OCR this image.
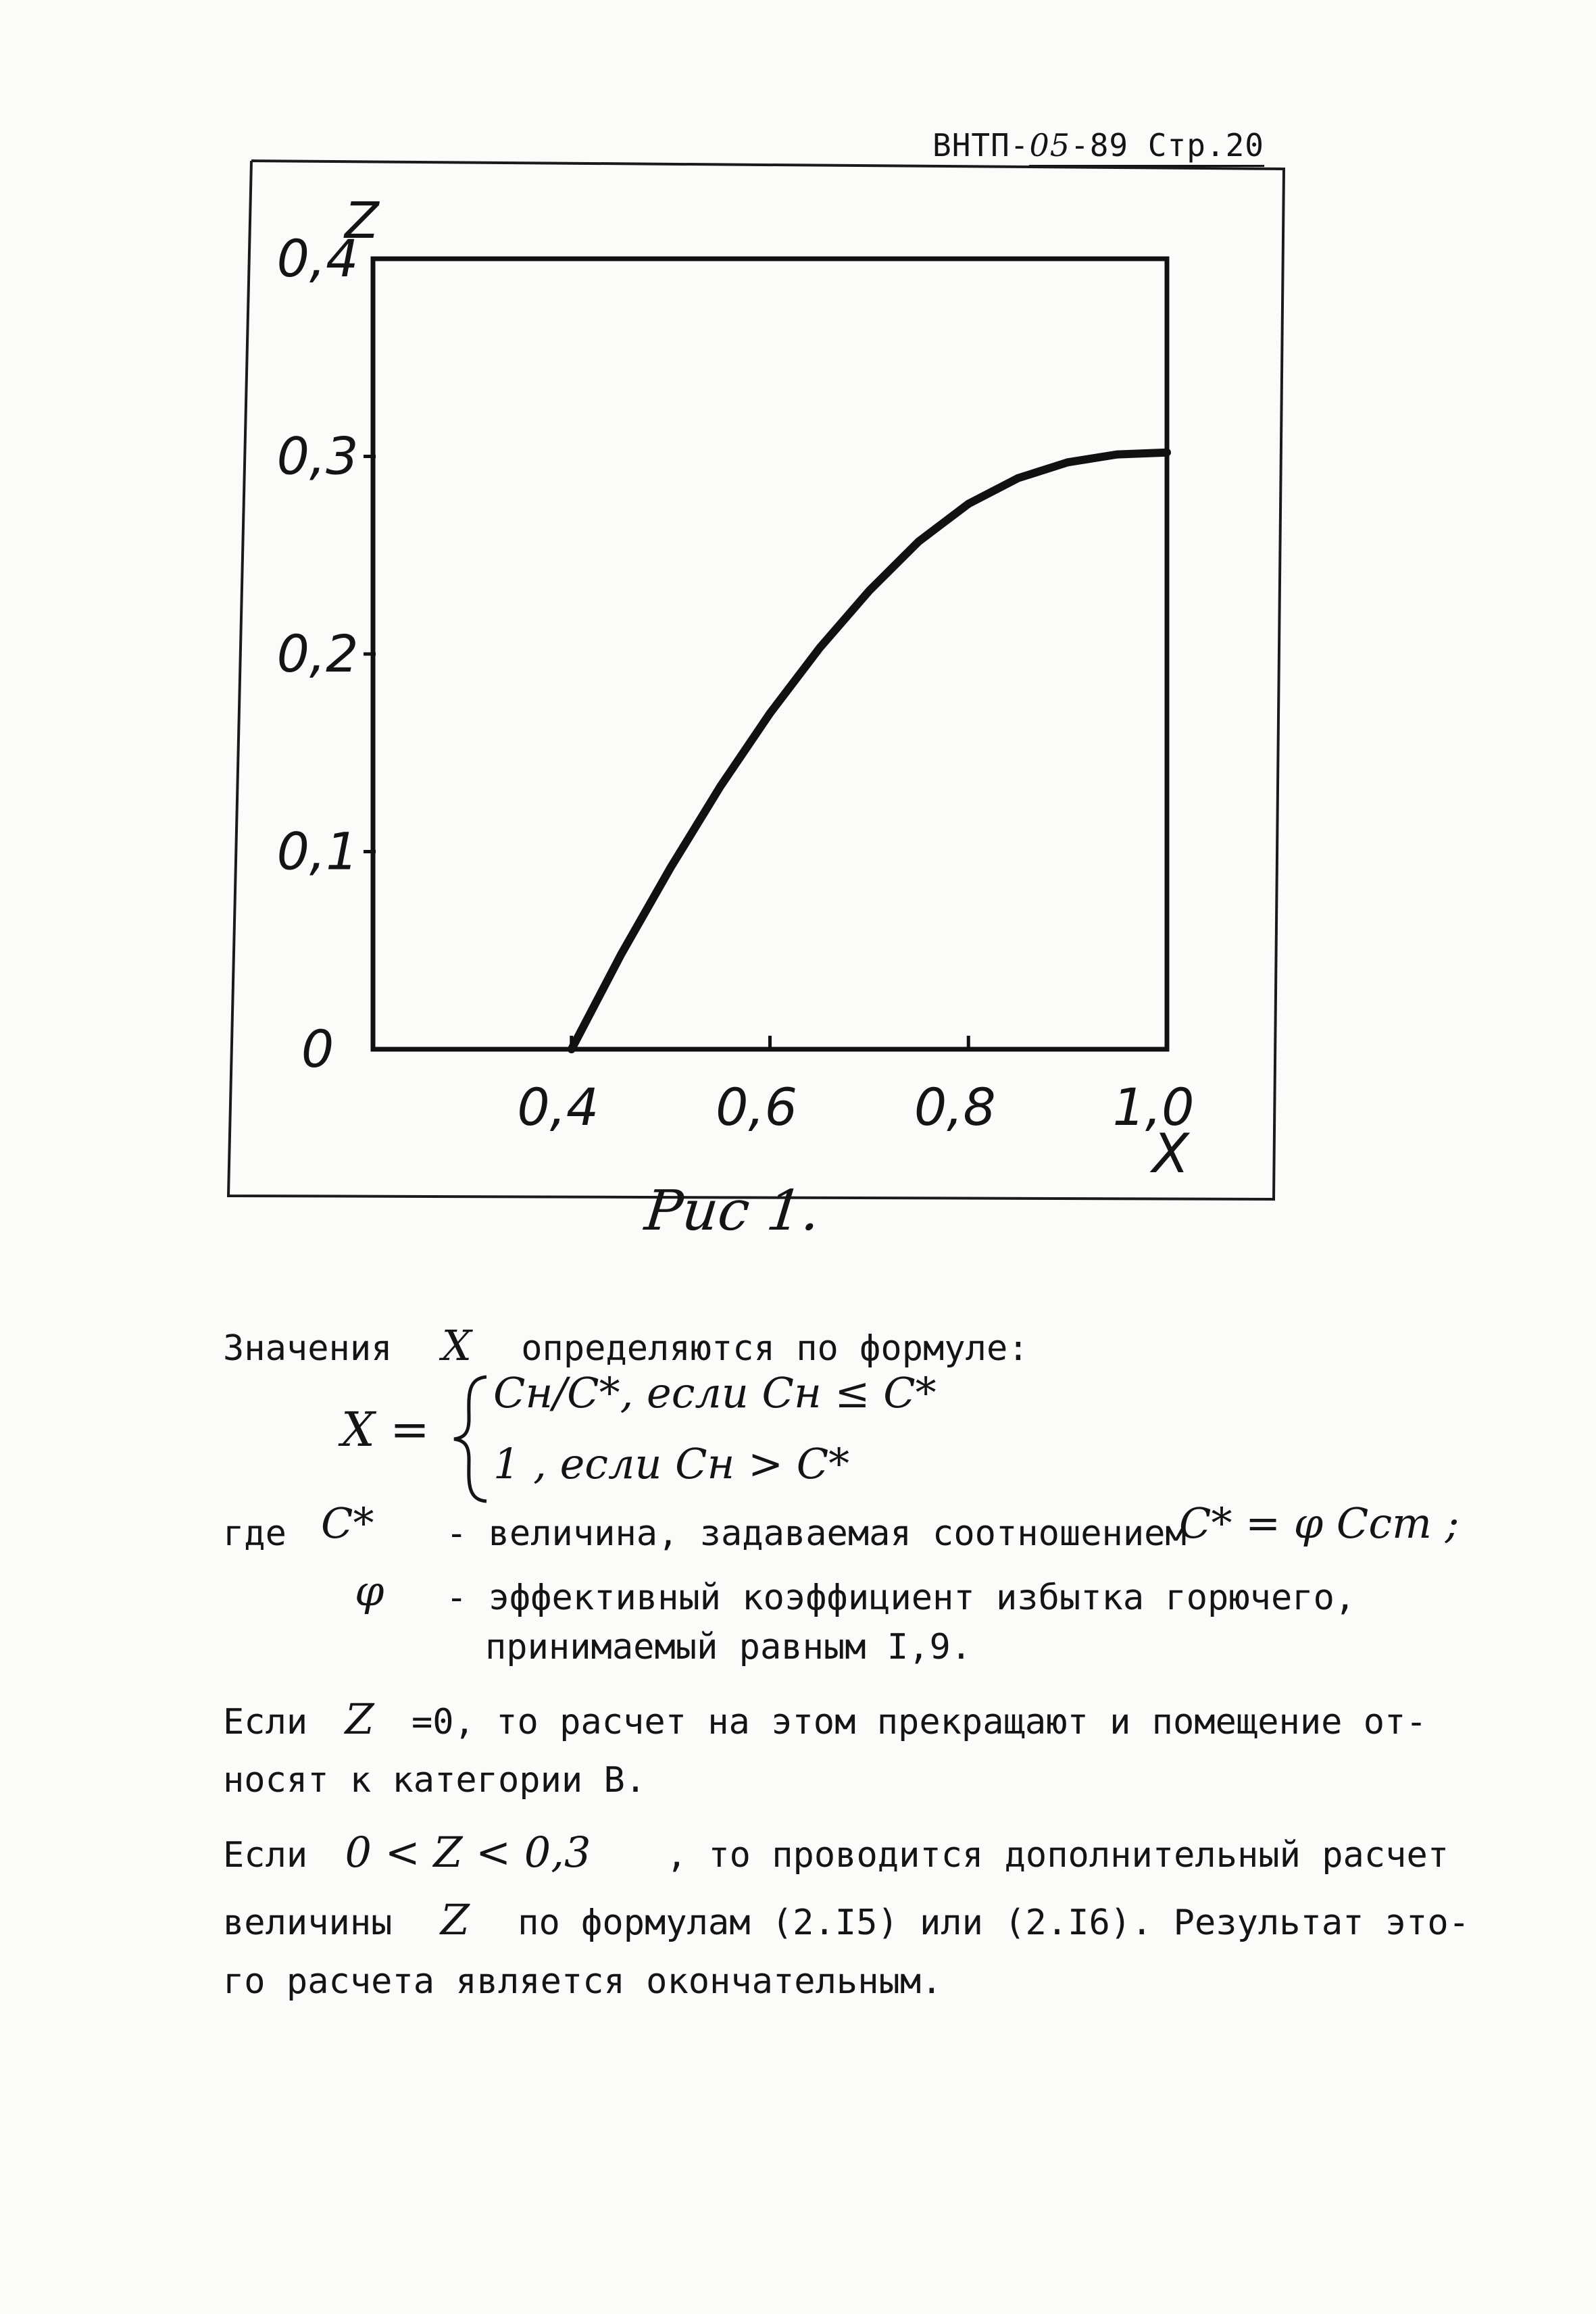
ВНТП-05-89 Стр.20
0,4 0,6 0,8 1,0
0
0,1
0,2
0,3
0,4
X
Z
Рис 1.
Значения X определяются по формуле:
X =
Cн/C*, если Cн ≤ C*
1 , если Cн > C*
где C* - величина, задаваемая соотношением
C* = φ Cст ;
φ - эффективный коэффициент избытка горючего,
принимаемый равным I,9.
Если Z =0, то расчет на этом прекращают и помещение от-
носят к категории В.
Если 0 < Z < 0,3 , то проводится дополнительный расчет
величины Z по формулам (2.I5) или (2.I6). Результат это-
го расчета является окончательным.
